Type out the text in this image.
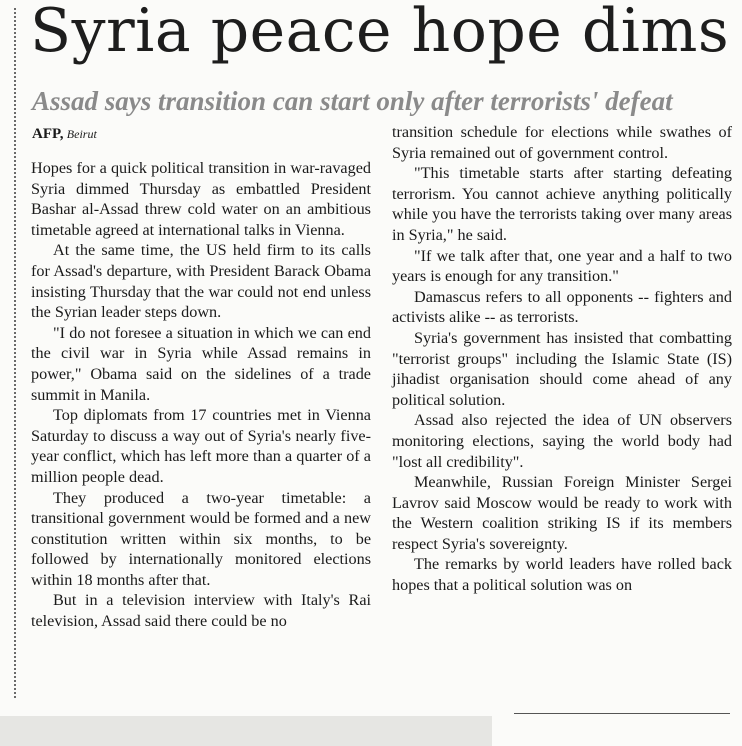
Syria peace hope dims
Assad says transition can start only after terrorists' defeat
AFP, Beirut

Hopes for a quick political transition in war-ravaged Syria dimmed Thursday as embattled President Bashar al-Assad threw cold water on an ambitious timetable agreed at international talks in Vienna.

At the same time, the US held firm to its calls for Assad's departure, with President Barack Obama insisting Thursday that the war could not end unless the Syrian leader steps down.

"I do not foresee a situation in which we can end the civil war in Syria while Assad remains in power," Obama said on the sidelines of a trade summit in Manila.

Top diplomats from 17 countries met in Vienna Saturday to discuss a way out of Syria's nearly five-year conflict, which has left more than a quarter of a million people dead.

They produced a two-year timetable: a transitional government would be formed and a new constitution written within six months, to be followed by internationally monitored elections within 18 months after that.

But in a television interview with Italy's Rai television, Assad said there could be no

transition schedule for elections while swathes of Syria remained out of government control.

"This timetable starts after starting defeating terrorism. You cannot achieve anything politically while you have the terrorists taking over many areas in Syria," he said.

"If we talk after that, one year and a half to two years is enough for any transition."

Damascus refers to all opponents -- fighters and activists alike -- as terrorists.

Syria's government has insisted that combatting "terrorist groups" including the Islamic State (IS) jihadist organisation should come ahead of any political solution.

Assad also rejected the idea of UN observers monitoring elections, saying the world body had "lost all credibility".

Meanwhile, Russian Foreign Minister Sergei Lavrov said Moscow would be ready to work with the Western coalition striking IS if its members respect Syria's sovereignty.

The remarks by world leaders have rolled back hopes that a political solution was on
